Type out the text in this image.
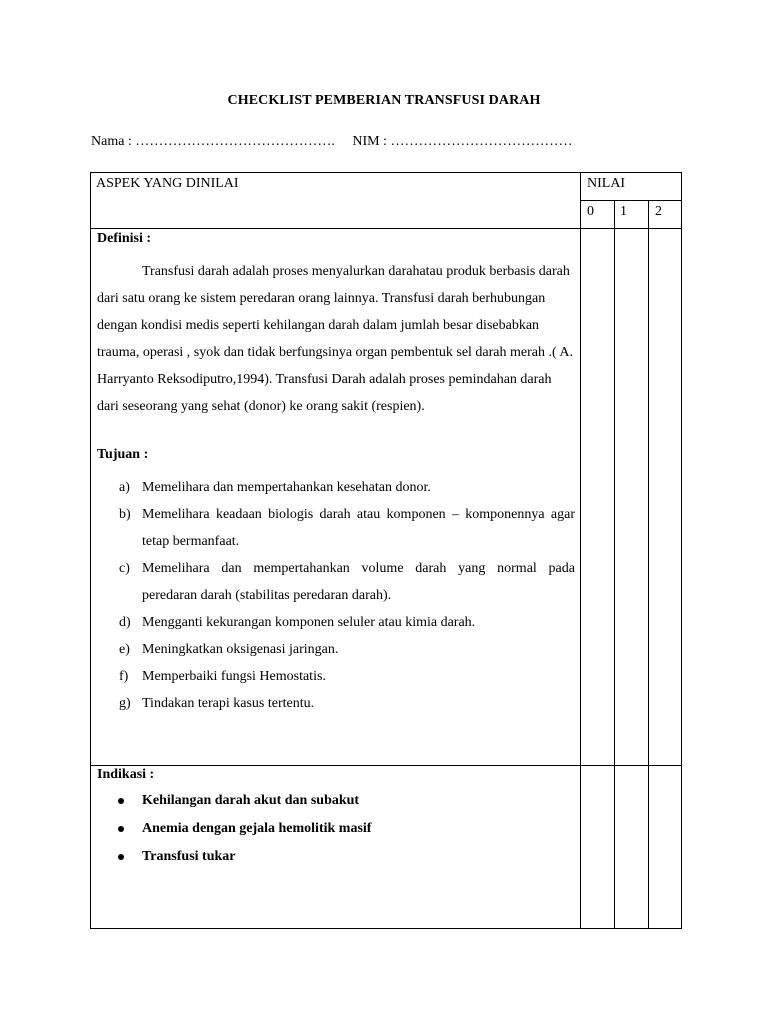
CHECKLIST PEMBERIAN TRANSFUSI DARAH
Nama : ……………………………………. NIM : …………………………………
ASPEK YANG DINILAI	NILAI
0 1 2
Definisi :
Transfusi darah adalah proses menyalurkan darahatau produk berbasis darah dari satu orang ke sistem peredaran orang lainnya. Transfusi darah berhubungan dengan kondisi medis seperti kehilangan darah dalam jumlah besar disebabkan trauma, operasi , syok dan tidak berfungsinya organ pembentuk sel darah merah .( A. Harryanto Reksodiputro,1994). Transfusi Darah adalah proses pemindahan darah dari seseorang yang sehat (donor) ke orang sakit (respien).
Tujuan :
a) Memelihara dan mempertahankan kesehatan donor.
b) Memelihara keadaan biologis darah atau komponen – komponennya agar tetap bermanfaat.
c) Memelihara dan mempertahankan volume darah yang normal pada peredaran darah (stabilitas peredaran darah).
d) Mengganti kekurangan komponen seluler atau kimia darah.
e) Meningkatkan oksigenasi jaringan.
f) Memperbaiki fungsi Hemostatis.
g) Tindakan terapi kasus tertentu.
Indikasi :
Kehilangan darah akut dan subakut
Anemia dengan gejala hemolitik masif
Transfusi tukar
